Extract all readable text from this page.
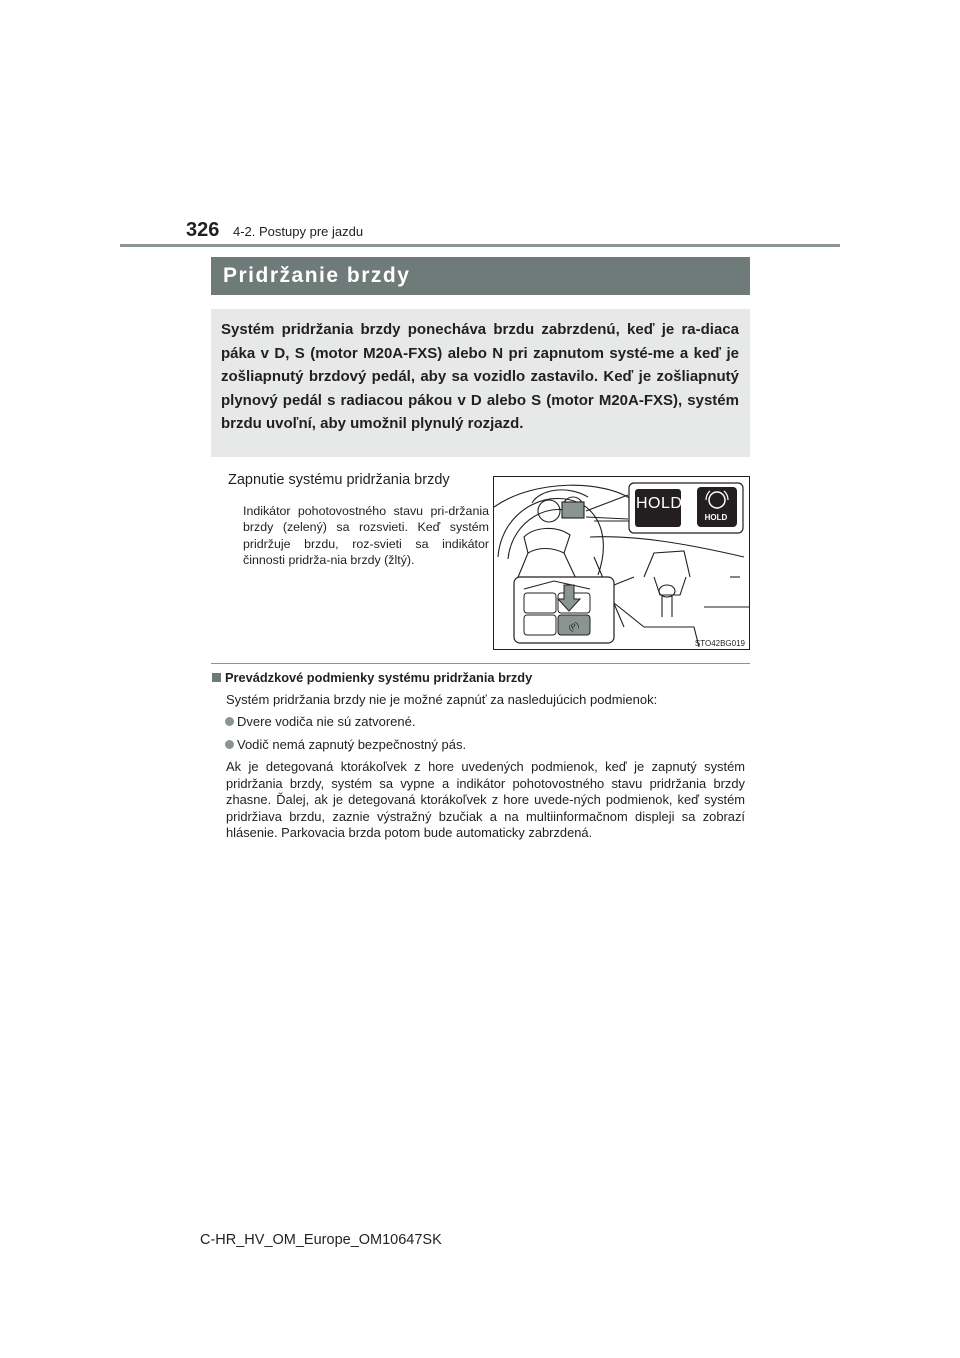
326 4-2. Postupy pre jazdu
Pridržanie brzdy
Systém pridržania brzdy ponecháva brzdu zabrzdenú, keď je ra-diaca páka v D, S (motor M20A-FXS) alebo N pri zapnutom systé-me a keď je zošliapnutý brzdový pedál, aby sa vozidlo zastavilo. Keď je zošliapnutý plynový pedál s radiacou pákou v D alebo S (motor M20A-FXS), systém brzdu uvoľní, aby umožnil plynulý rozjazd.
Zapnutie systému pridržania brzdy
Indikátor pohotovostného stavu pri-držania brzdy (zelený) sa rozsvieti. Keď systém pridržuje brzdu, roz-svieti sa indikátor činnosti pridrža-nia brzdy (žltý).
(P)
STO42BG019
HOLD
HOLD
Prevádzkové podmienky systému pridržania brzdy
Systém pridržania brzdy nie je možné zapnúť za nasledujúcich podmienok:
Dvere vodiča nie sú zatvorené.
Vodič nemá zapnutý bezpečnostný pás.
Ak je detegovaná ktorákoľvek z hore uvedených podmienok, keď je zapnutý systém pridržania brzdy, systém sa vypne a indikátor pohotovostného stavu pridržania brzdy zhasne. Ďalej, ak je detegovaná ktorákoľvek z hore uvede-ných podmienok, keď systém pridržiava brzdu, zaznie výstražný bzučiak a na multiinformačnom displeji sa zobrazí hlásenie. Parkovacia brzda potom bude automaticky zabrzdená.
C-HR_HV_OM_Europe_OM10647SK
